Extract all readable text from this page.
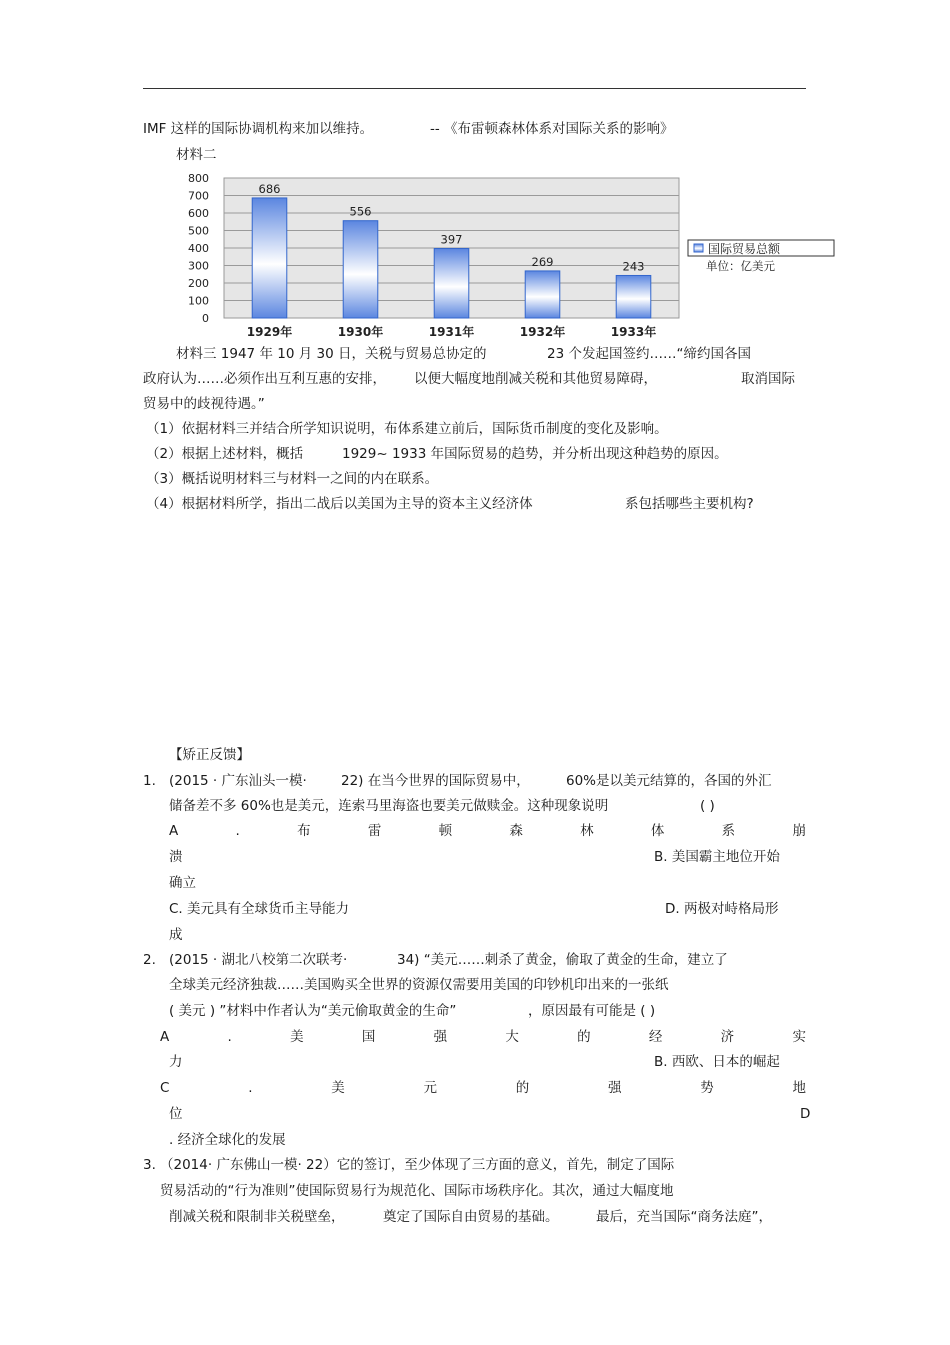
IMF 这样的国际协调机构来加以维持。	-- 《布雷顿森林体系对国际关系的影响》
材料二
800
700
600
500
400
300
200
100
0
686
556
397
269	243
1929年	1930年	1931年	1932年	1933年
国际贸易总额
单位：亿美元
材料三 1947 年 10 月 30 日，关税与贸易总协定的	23 个发起国签约……“缔约国各国
政府认为……必须作出互利互惠的安排， 以便大幅度地削减关税和其他贸易障碍，	取消国际
贸易中的歧视待遇。”
（1）依据材料三并结合所学知识说明，布体系建立前后，国际货币制度的变化及影响。
（2）根据上述材料，概括	1929~ 1933 年国际贸易的趋势，并分析出现这种趋势的原因。
（3）概括说明材料三与材料一之间的内在联系。
（4）根据材料所学，指出二战后以美国为主导的资本主义经济体	系包括哪些主要机构?
【矫正反馈】
1. (2015 · 广东汕头一模·	22) 在当今世界的国际贸易中，	60%是以美元结算的，各国的外汇
储备差不多 60%也是美元，连索马里海盗也要美元做赎金。这种现象说明	( )
A	.	布	雷	顿	森	林	体	系	崩
溃	B. 美国霸主地位开始
确立
C. 美元具有全球货币主导能力	D. 两极对峙格局形
成
2. (2015 · 湖北八校第二次联考·	34) “美元……刺杀了黄金，偷取了黄金的生命，建立了
全球美元经济独裁……美国购买全世界的资源仅需要用美国的印钞机印出来的一张纸
( 美元 ) ”材料中作者认为“美元偷取黄金的生命”	，原因最有可能是 ( )
A	.	美	国	强	大	的	经	济	实
力	B. 西欧、日本的崛起
C	.	美	元	的	强	势	地
位	D
. 经济全球化的发展
3. （2014· 广东佛山一模· 22）它的签订，至少体现了三方面的意义，首先，制定了国际
贸易活动的“行为准则”使国际贸易行为规范化、国际市场秩序化。其次，通过大幅度地
削减关税和限制非关税壁垒，	奠定了国际自由贸易的基础。	最后，充当国际“商务法庭”，
